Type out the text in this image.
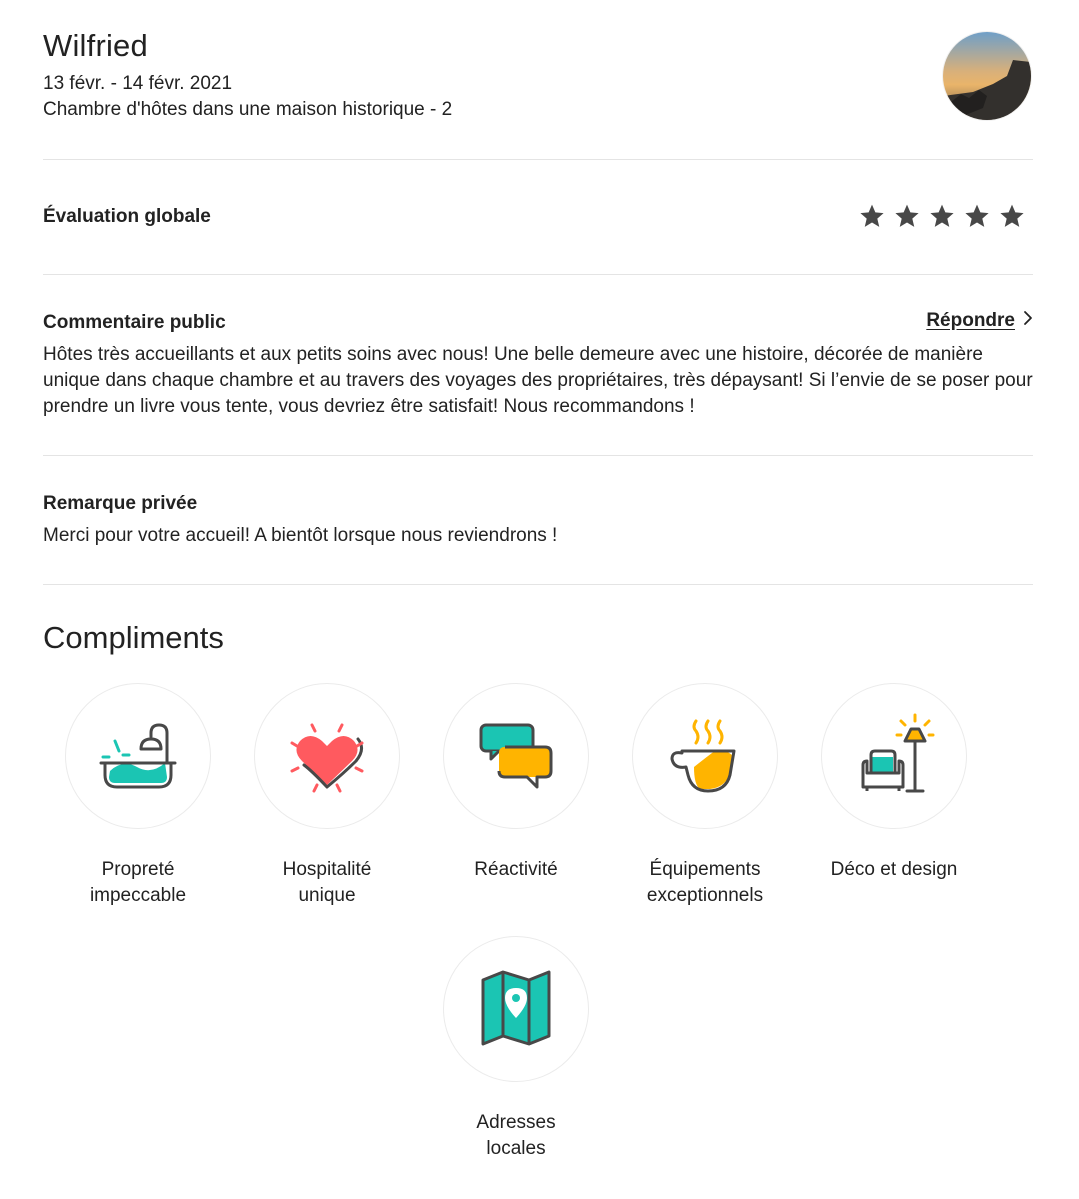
Wilfried
13 févr. - 14 févr. 2021
Chambre d'hôtes dans une maison historique - 2
Évaluation globale
Commentaire public	Répondre
Hôtes très accueillants et aux petits soins avec nous! Une belle demeure avec une histoire, décorée de manière unique dans chaque chambre et au travers des voyages des propriétaires, très dépaysant! Si l’envie de se poser pour prendre un livre vous tente, vous devriez être satisfait! Nous recommandons !
Remarque privée
Merci pour votre accueil! A bientôt lorsque nous reviendrons !
Compliments
Propreté
impeccable
Hospitalité
unique
Réactivité	Équipements
exceptionnels
Déco et design
Adresses
locales
